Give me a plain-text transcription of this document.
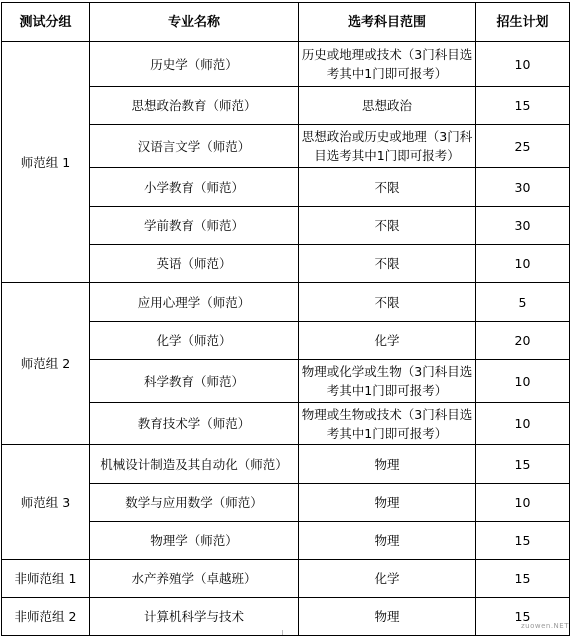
测试分组	专业名称	选考科目范围	招生计划
师范组 1	历史学（师范）	历史或地理或技术（3门科目选考其中1门即可报考）	10
	思想政治教育（师范）	思想政治	15
	汉语言文学（师范）	思想政治或历史或地理（3门科目选考其中1门即可报考）	25
	小学教育（师范）	不限	30
	学前教育（师范）	不限	30
	英语（师范）	不限	10
师范组 2	应用心理学（师范）	不限	5
	化学（师范）	化学	20
	科学教育（师范）	物理或化学或生物（3门科目选考其中1门即可报考）	10
	教育技术学（师范）	物理或生物或技术（3门科目选考其中1门即可报考）	10
师范组 3	机械设计制造及其自动化（师范）	物理	15
	数学与应用数学（师范）	物理	10
	物理学（师范）	物理	15
非师范组 1	水产养殖学（卓越班）	化学	15
非师范组 2	计算机科学与技术	物理	15
zuowen.NET
